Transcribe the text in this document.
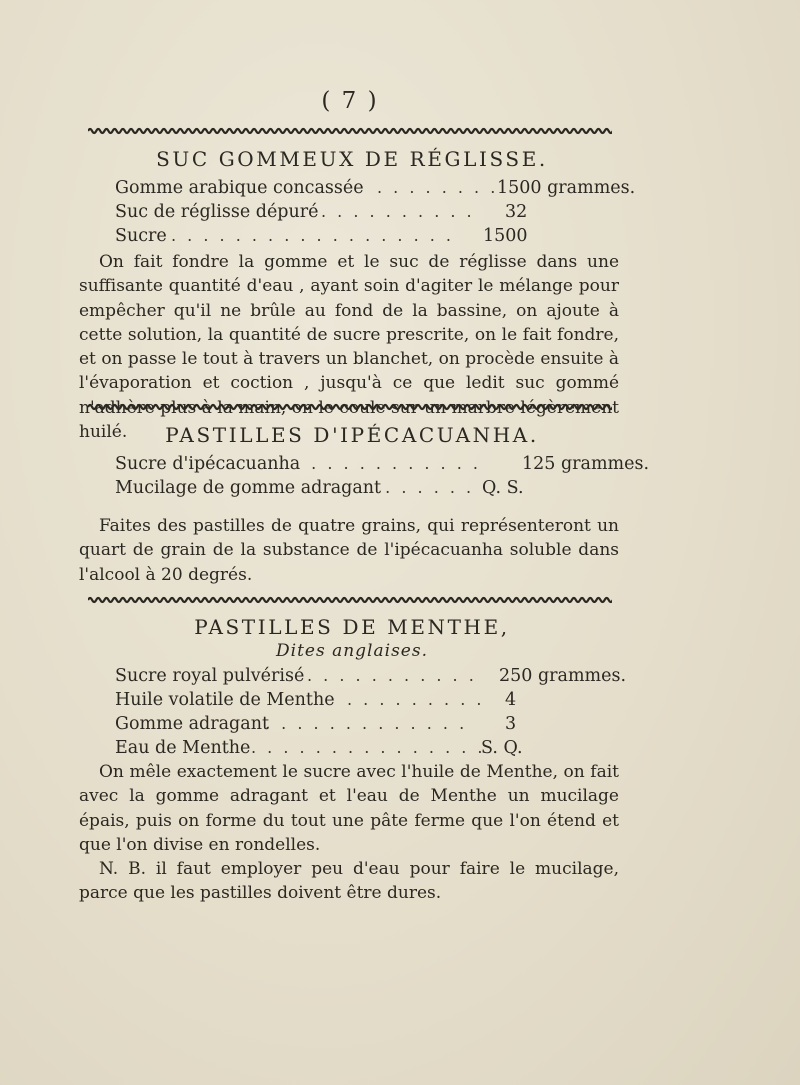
( 7 )
SUC GOMMEUX DE RÉGLISSE.
Gomme arabique concassée . . . . . . . .
1500 grammes.
Suc de réglisse dépuré . . . . . . . . . . 32
Sucre . . . . . . . . . . . . . . . . . . 1500

On fait fondre la gomme et le suc de réglisse dans une suffisante quantité d'eau , ayant soin d'agiter le mélange pour empêcher qu'il ne brûle au fond de la bassine, on ajoute à cette solution, la quantité de sucre prescrite, on le fait fondre, et on passe le tout à travers un blanchet, on procède ensuite à l'évaporation et coction , jusqu'à ce que ledit suc gommé n'adhère plus à la main, on le coule sur un marbre légèrement huilé.	PASTILLES D'IPÉCACUANHA.
Sucre d'ipécacuanha
. . . . . . . . . . . . 125 grammes.
Mucilage de gomme adragant
. . . . . . . Q. S.

Faites des pastilles de quatre grains, qui représenteront un quart de grain de la substance de l'ipécacuanha soluble dans l'alcool à 20 degrés.

PASTILLES DE MENTHE,
Dites anglaises.
Sucre royal pulvérisé . . . . . . . . . . . 250 grammes.
Huile volatile de Menthe . . . . . . . . . 4
Gomme adragant
. . . . . . . . . . . . . 3
Eau de Menthe . . . . . . . . . . . . . . .
S. Q.

On mêle exactement le sucre avec l'huile de Menthe, on fait avec la gomme adragant et l'eau de Menthe un mucilage épais, puis on forme du tout une pâte ferme que l'on étend et que l'on divise en rondelles.

N. B. il faut employer peu d'eau pour faire le mucilage, parce que les pastilles doivent être dures.
